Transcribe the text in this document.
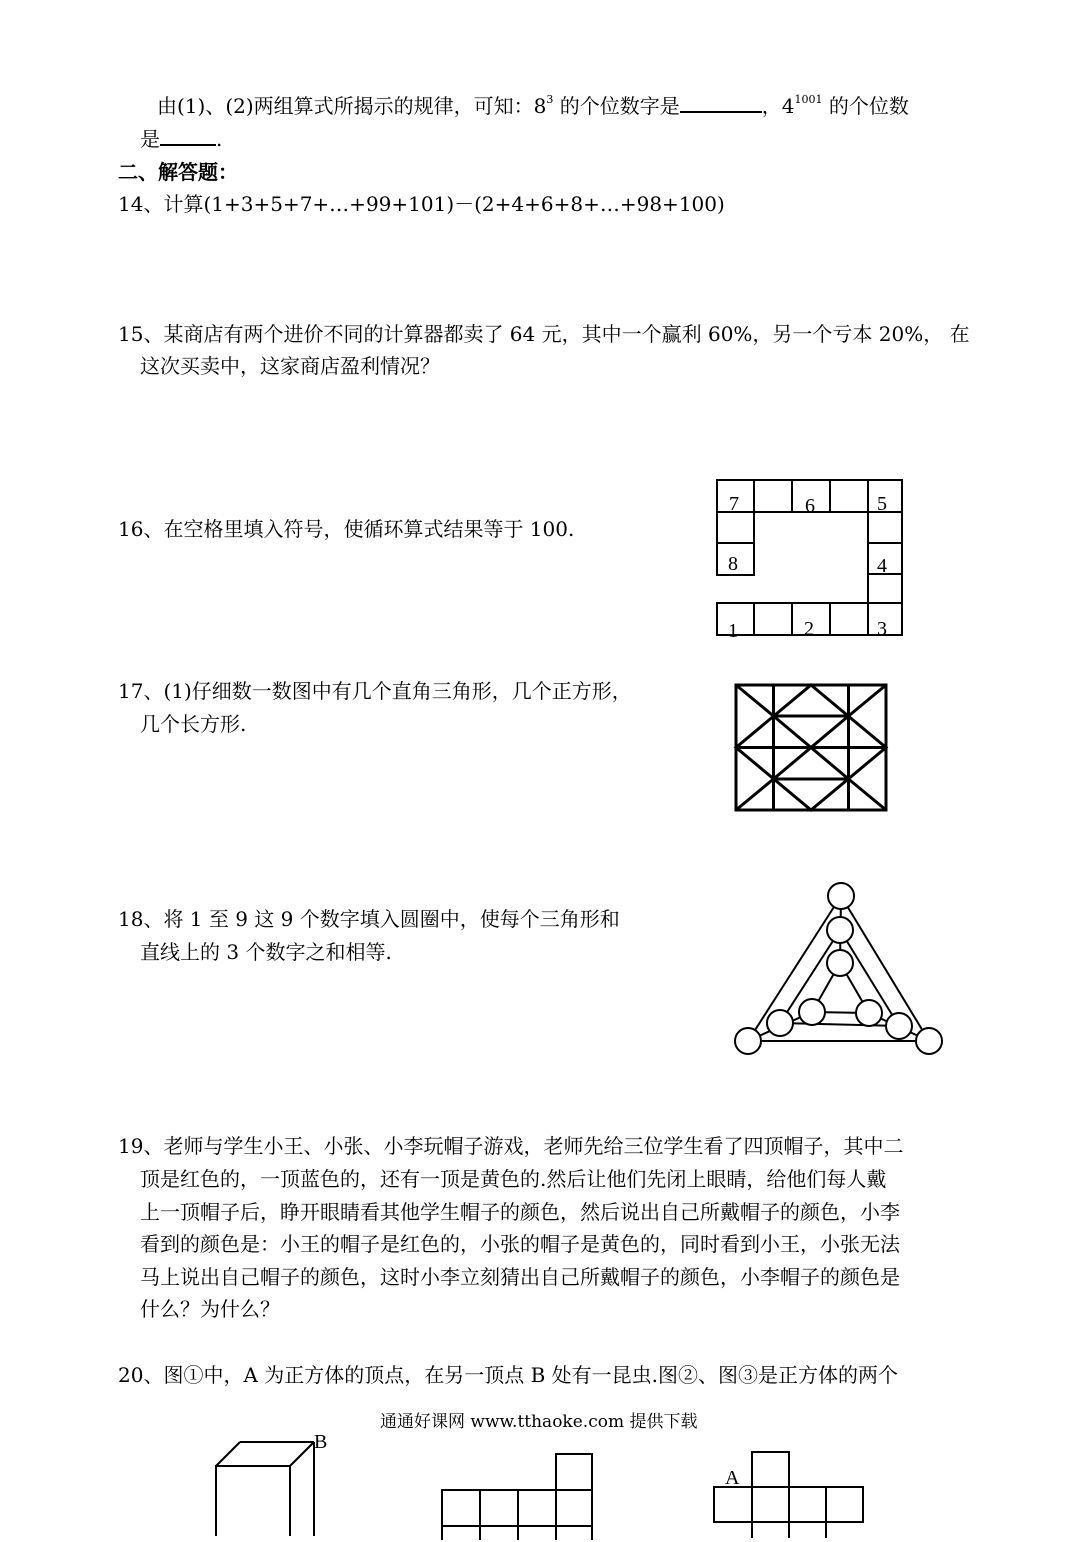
由(1)、(2)两组算式所揭示的规律，可知：$8^3$ 的个位数字是	，$4^{1001}$ 的个位数
是	.
二、解答题：
14、计算(1+3+5+7+…+99+101)－(2+4+6+8+…+98+100)
15、某商店有两个进价不同的计算器都卖了 64 元，其中一个赢利 60%，另一个亏本 20%， 在
这次买卖中，这家商店盈利情况？
16、在空格里填入符号，使循环算式结果等于 100.
7	6	5
8	4
1	2	3
17、(1)仔细数一数图中有几个直角三角形，几个正方形，
几个长方形.
18、将 1 至 9 这 9 个数字填入圆圈中，使每个三角形和
直线上的 3 个数字之和相等.
19、老师与学生小王、小张、小李玩帽子游戏，老师先给三位学生看了四顶帽子，其中二
顶是红色的，一顶蓝色的，还有一顶是黄色的.然后让他们先闭上眼睛，给他们每人戴
上一顶帽子后，睁开眼睛看其他学生帽子的颜色，然后说出自己所戴帽子的颜色，小李
看到的颜色是：小王的帽子是红色的，小张的帽子是黄色的，同时看到小王，小张无法
马上说出自己帽子的颜色，这时小李立刻猜出自己所戴帽子的颜色，小李帽子的颜色是
什么？为什么？
20、图①中，A 为正方体的顶点，在另一顶点 B 处有一昆虫.图②、图③是正方体的两个
通通好课网 www.tthaoke.com 提供下载
B
A
